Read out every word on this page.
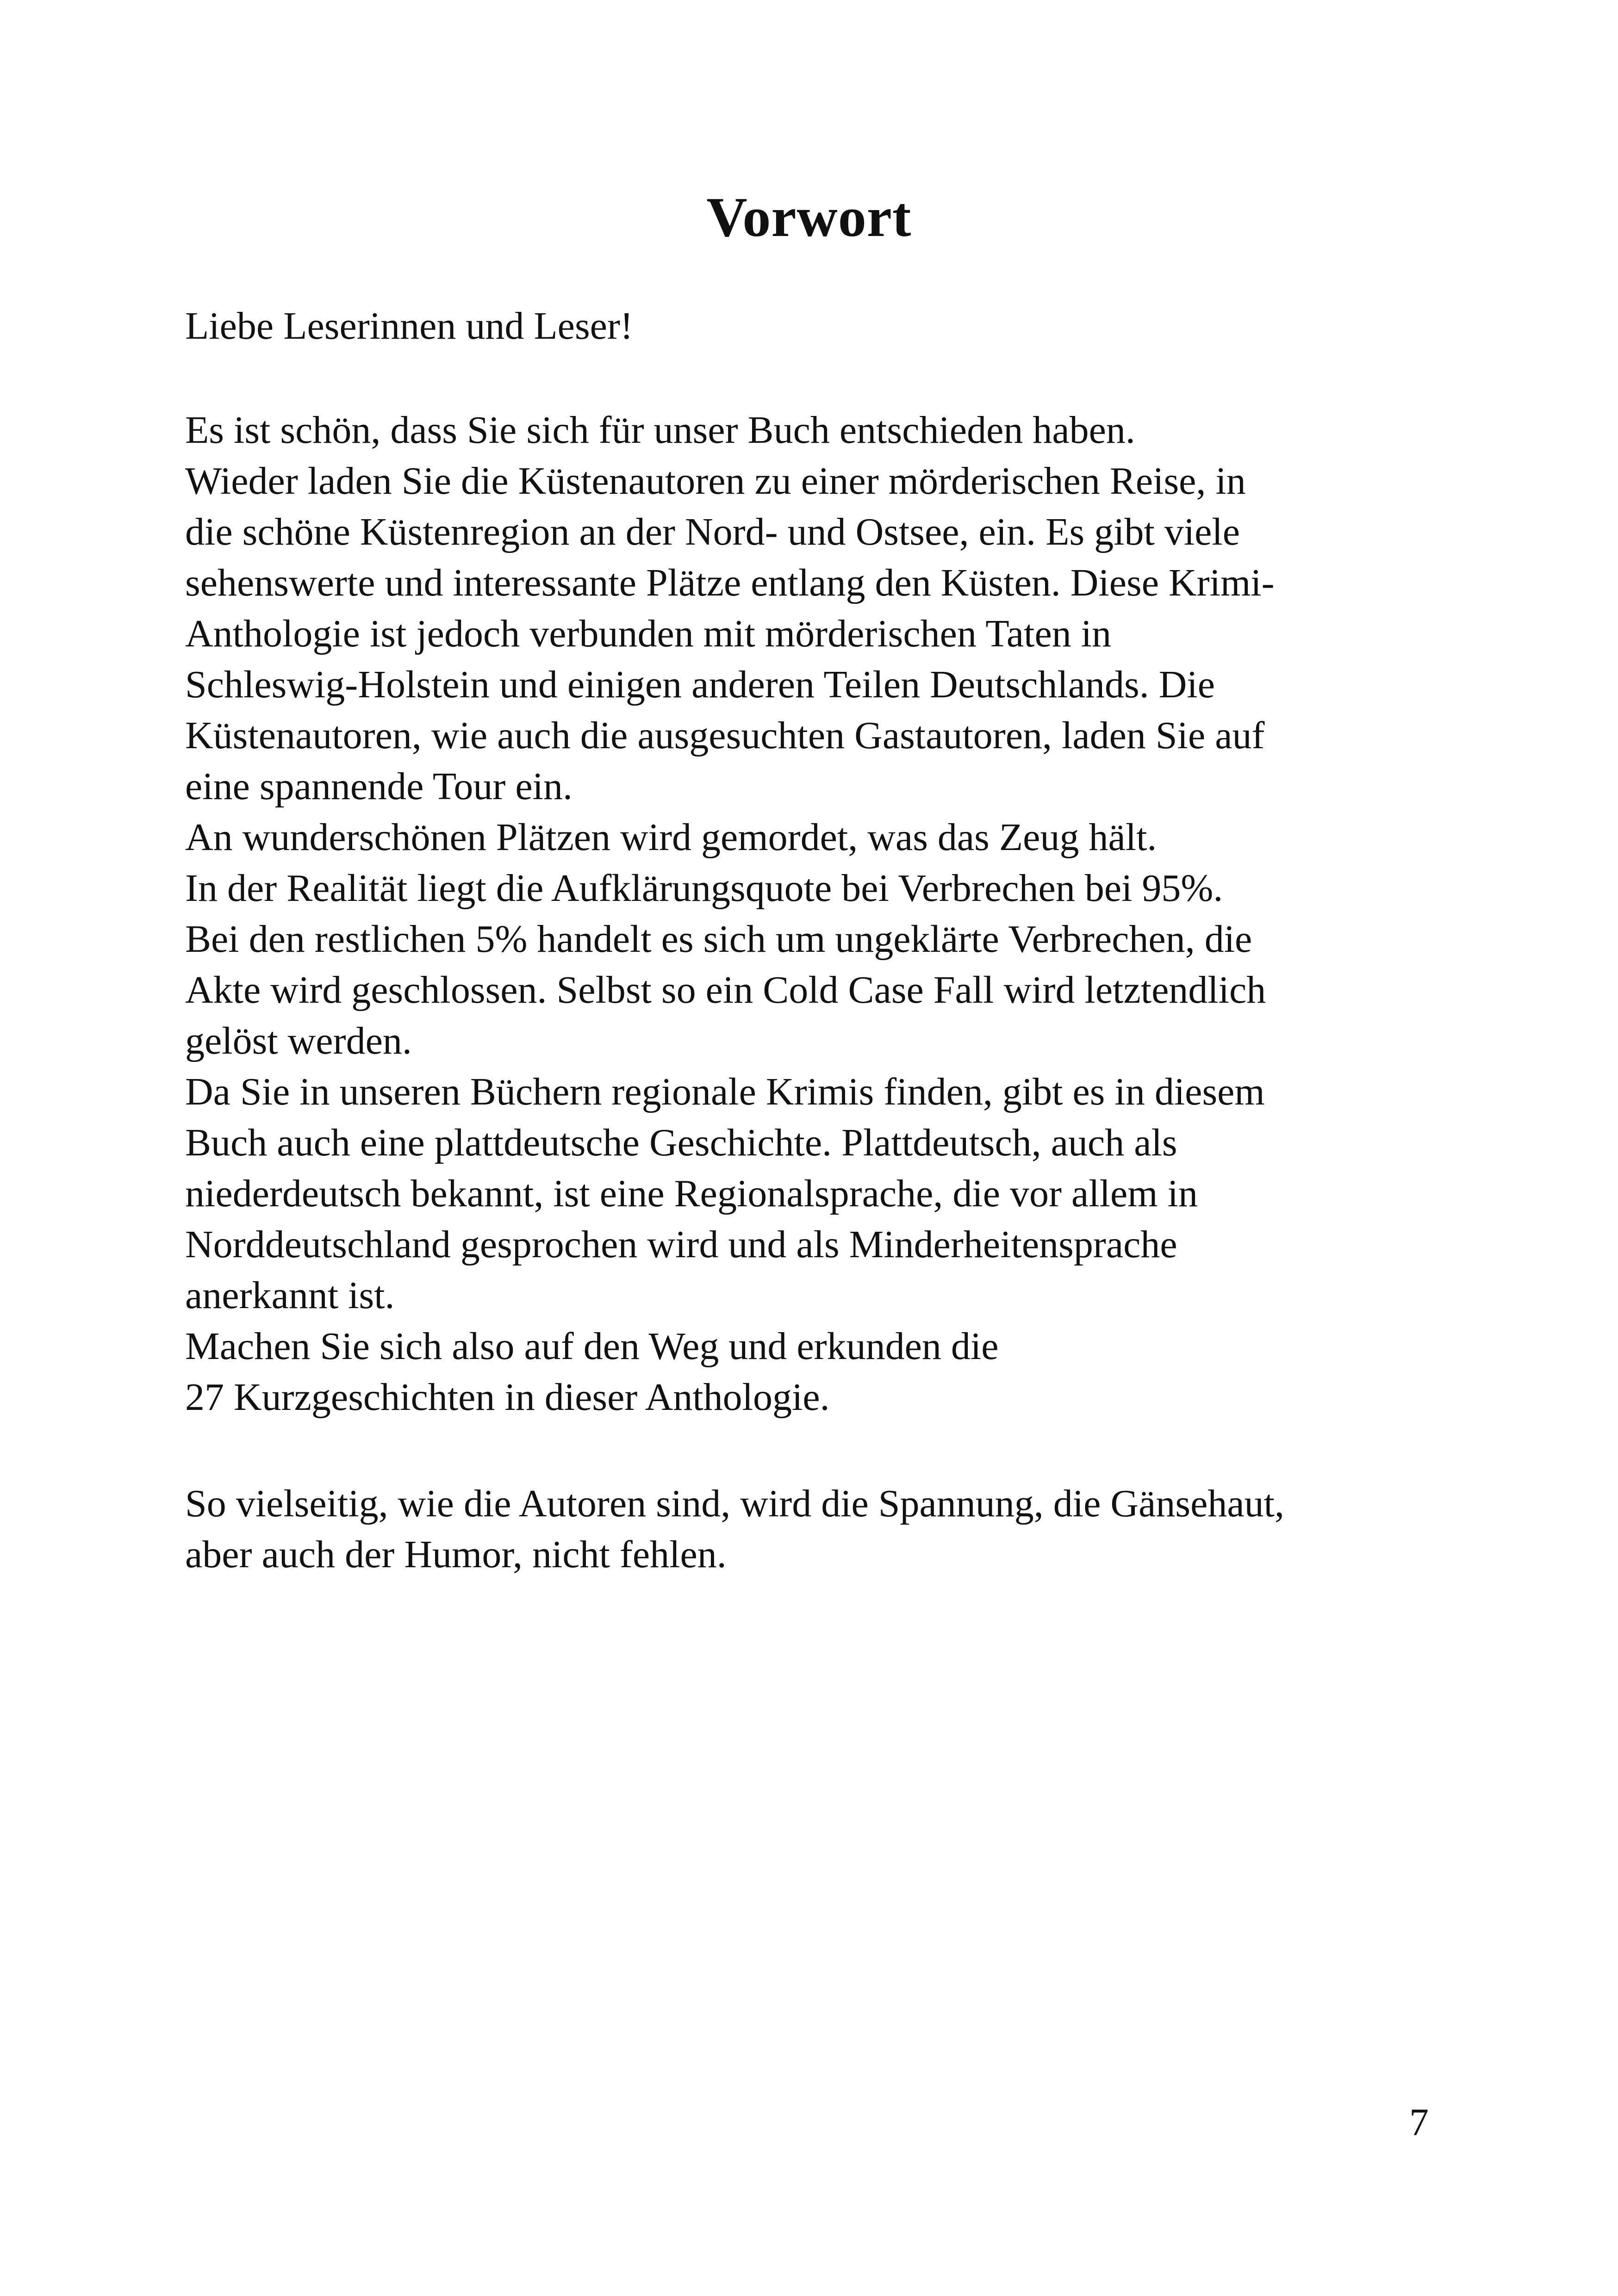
Vorwort

Liebe Leserinnen und Leser!

Es ist schön, dass Sie sich für unser Buch entschieden haben.

Wieder laden Sie die Küstenautoren zu einer mörderischen Reise, in

die schöne Küstenregion an der Nord- und Ostsee, ein. Es gibt viele

sehenswerte und interessante Plätze entlang den Küsten. Diese Krimi-

Anthologie ist jedoch verbunden mit mörderischen Taten in

Schleswig-Holstein und einigen anderen Teilen Deutschlands. Die

Küstenautoren, wie auch die ausgesuchten Gastautoren, laden Sie auf

eine spannende Tour ein.

An wunderschönen Plätzen wird gemordet, was das Zeug hält.

In der Realität liegt die Aufklärungsquote bei Verbrechen bei 95%.

Bei den restlichen 5% handelt es sich um ungeklärte Verbrechen, die

Akte wird geschlossen. Selbst so ein Cold Case Fall wird letztendlich

gelöst werden.

Da Sie in unseren Büchern regionale Krimis finden, gibt es in diesem

Buch auch eine plattdeutsche Geschichte. Plattdeutsch, auch als

niederdeutsch bekannt, ist eine Regionalsprache, die vor allem in

Norddeutschland gesprochen wird und als Minderheitensprache

anerkannt ist.

Machen Sie sich also auf den Weg und erkunden die

27 Kurzgeschichten in dieser Anthologie.

So vielseitig, wie die Autoren sind, wird die Spannung, die Gänsehaut,

aber auch der Humor, nicht fehlen.

7
